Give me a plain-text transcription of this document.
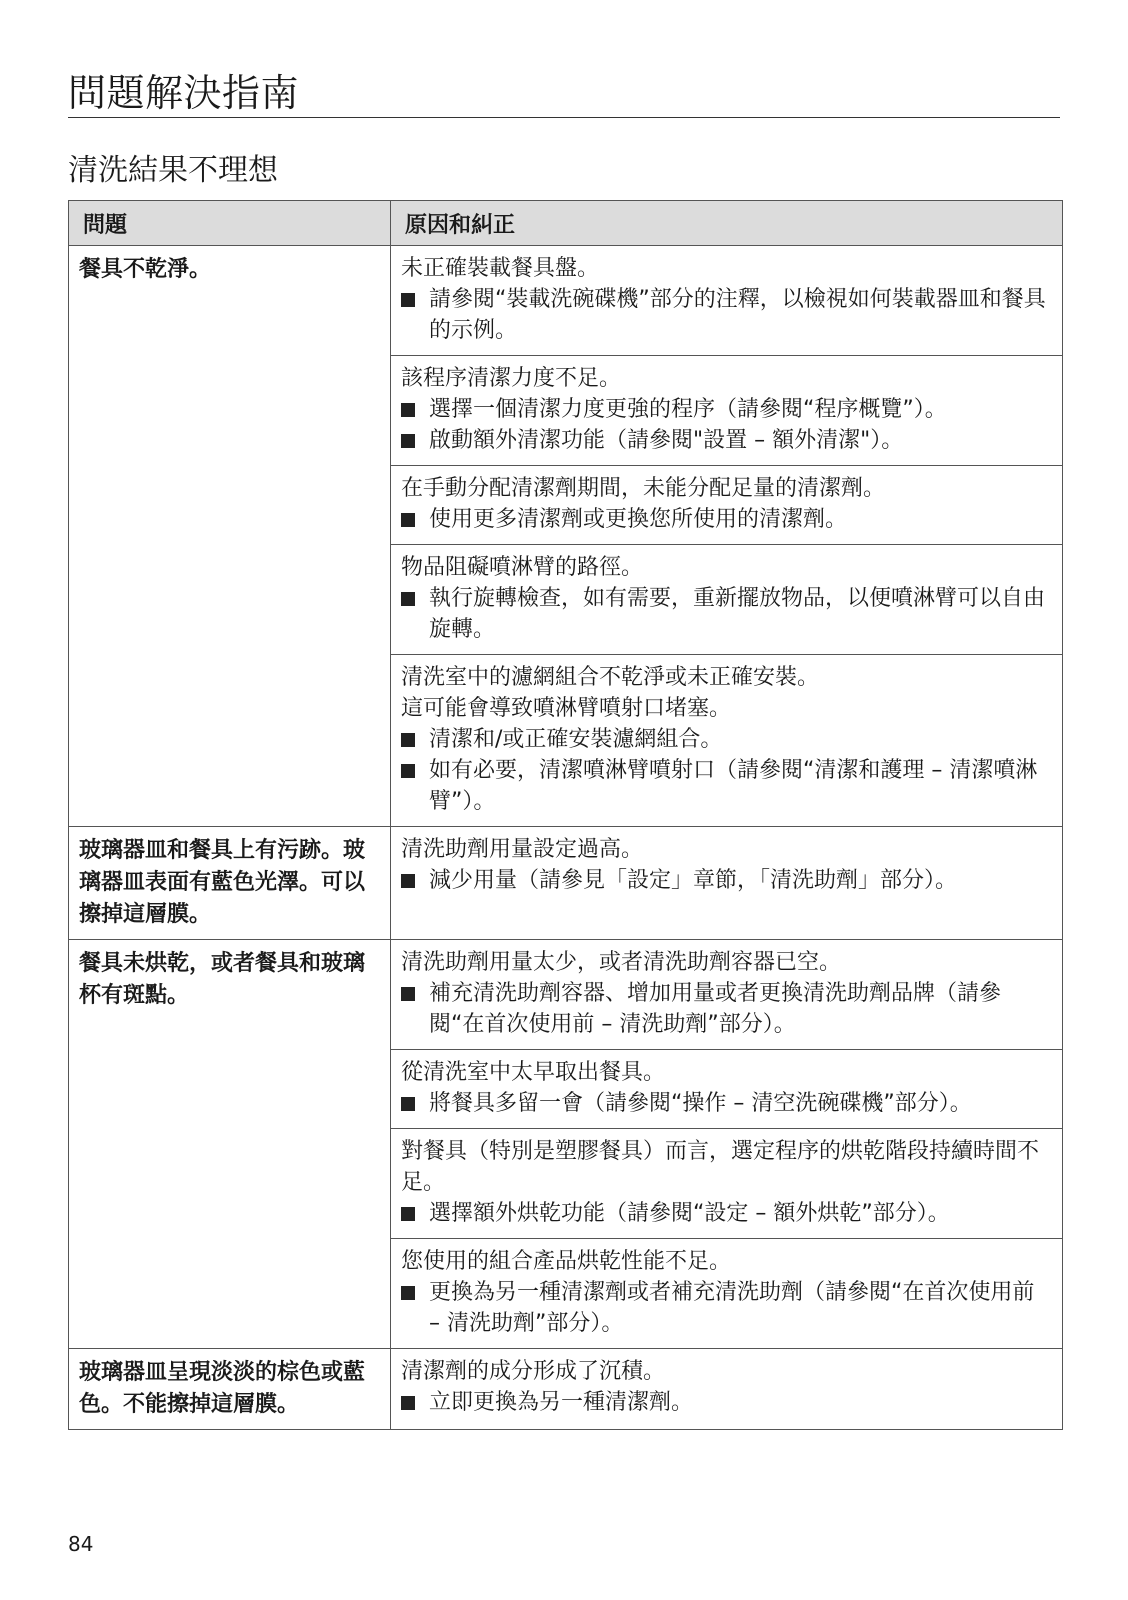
問題解決指南
清洗結果不理想
問題	原因和糾正
餐具不乾淨。	未正確裝載餐具盤。
請參閱“裝載洗碗碟機”部分的注釋，以檢視如何裝載器皿和餐具的示例。

	該程序清潔力度不足。
選擇一個清潔力度更強的程序（請參閱“程序概覽”）。
啟動額外清潔功能（請參閱"設置 – 額外清潔"）。

	在手動分配清潔劑期間，未能分配足量的清潔劑。
使用更多清潔劑或更換您所使用的清潔劑。

	物品阻礙噴淋臂的路徑。
執行旋轉檢查，如有需要，重新擺放物品，以便噴淋臂可以自由旋轉。

	清洗室中的濾網組合不乾淨或未正確安裝。
這可能會導致噴淋臂噴射口堵塞。
清潔和/或正確安裝濾網組合。
如有必要，清潔噴淋臂噴射口（請參閱“清潔和護理 – 清潔噴淋臂”）。

玻璃器皿和餐具上有污跡。玻璃器皿表面有藍色光澤。可以擦掉這層膜。	清洗助劑用量設定過高。
減少用量（請參見「設定」章節，「清洗助劑」部分）。

餐具未烘乾，或者餐具和玻璃杯有斑點。	清洗助劑用量太少，或者清洗助劑容器已空。
補充清洗助劑容器、增加用量或者更換清洗助劑品牌（請參閱“在首次使用前 – 清洗助劑”部分）。

	從清洗室中太早取出餐具。
將餐具多留一會（請參閱“操作 – 清空洗碗碟機”部分）。

	對餐具（特別是塑膠餐具）而言，選定程序的烘乾階段持續時間不足。
選擇額外烘乾功能（請參閱“設定 – 額外烘乾”部分）。

	您使用的組合產品烘乾性能不足。
更換為另一種清潔劑或者補充清洗助劑（請參閱“在首次使用前 – 清洗助劑”部分）。

玻璃器皿呈現淡淡的棕色或藍色。不能擦掉這層膜。	清潔劑的成分形成了沉積。
立即更換為另一種清潔劑。
84
